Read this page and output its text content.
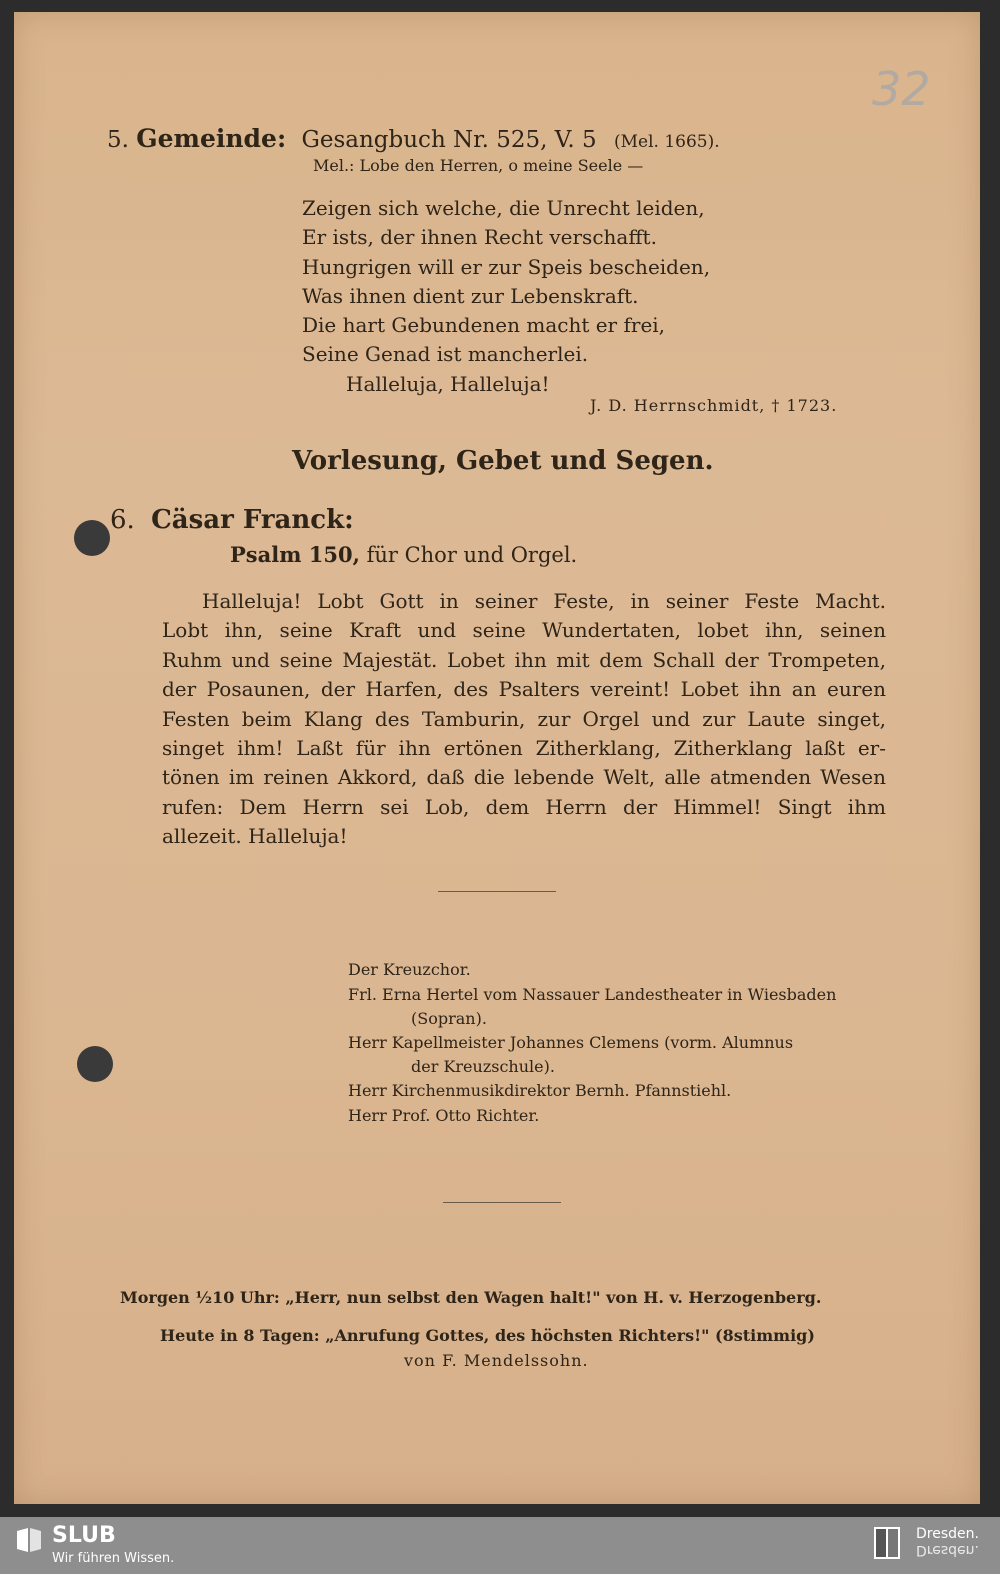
32
5. Gemeinde: Gesangbuch Nr. 525, V. 5 (Mel. 1665).
Mel.: Lobe den Herren, o meine Seele —
Zeigen sich welche, die Unrecht leiden,
Er ists, der ihnen Recht verschafft.
Hungrigen will er zur Speis bescheiden,
Was ihnen dient zur Lebenskraft.
Die hart Gebundenen macht er frei,
Seine Genad ist mancherlei.
Halleluja, Halleluja!
J. D. Herrnschmidt, † 1723.
Vorlesung, Gebet und Segen.
6. Cäsar Franck:
Psalm 150, für Chor und Orgel.
Halleluja! Lobt Gott in seiner Feste, in seiner Feste Macht.
Lobt ihn, seine Kraft und seine Wundertaten, lobet ihn, seinen
Ruhm und seine Majestät. Lobet ihn mit dem Schall der Trompeten,
der Posaunen, der Harfen, des Psalters vereint! Lobet ihn an euren
Festen beim Klang des Tamburin, zur Orgel und zur Laute singet,
singet ihm! Laßt für ihn ertönen Zitherklang, Zitherklang laßt er-
tönen im reinen Akkord, daß die lebende Welt, alle atmenden Wesen
rufen: Dem Herrn sei Lob, dem Herrn der Himmel! Singt ihm
allezeit. Halleluja!
Der Kreuzchor.
Frl. Erna Hertel vom Nassauer Landestheater in Wiesbaden
(Sopran).
Herr Kapellmeister Johannes Clemens (vorm. Alumnus
der Kreuzschule).
Herr Kirchenmusikdirektor Bernh. Pfannstiehl.
Herr Prof. Otto Richter.
Morgen ½10 Uhr: „Herr, nun selbst den Wagen halt!" von H. v. Herzogenberg.
Heute in 8 Tagen: „Anrufung Gottes, des höchsten Richters!" (8stimmig)
von F. Mendelssohn.
SLUB
Wir führen Wissen.
Dresden.
Dresden.
